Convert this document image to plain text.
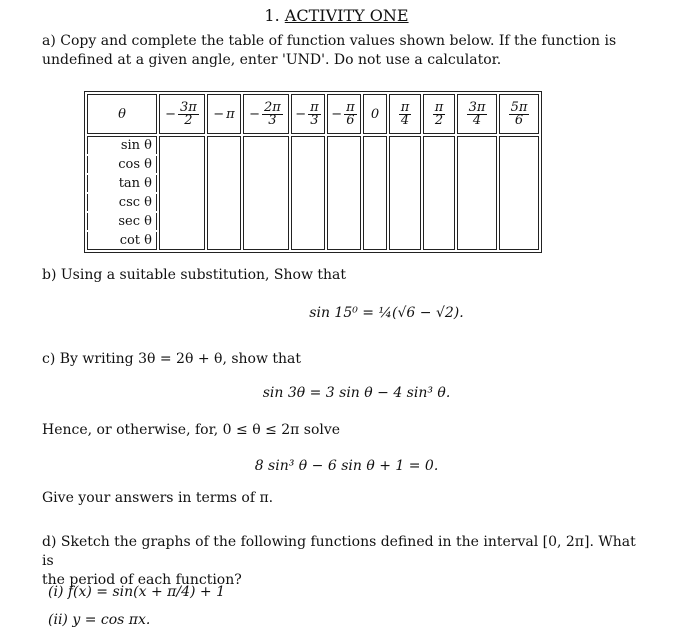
1. ACTIVITY ONE
a) Copy and complete the table of function values shown below. If the function is
undefined at a given angle, enter 'UND'. Do not use a calculator.
θ	− $\frac{3\pi}{2}$	− π	− $\frac{2\pi}{3}$	− $\frac{\pi}{3}$	− $\frac{\pi}{6}$	0	$\frac{\pi}{4}$	$\frac{\pi}{2}$	$\frac{3\pi}{4}$	$\frac{5\pi}{6}$

sin θ										
cos θ										
tan θ										
csc θ										
sec θ										
cot θ										
b) Using a suitable substitution, Show that
sin 15⁰ = ¼(√6 − √2).
c) By writing 3θ = 2θ + θ, show that
sin 3θ = 3 sin θ − 4 sin³ θ.
Hence, or otherwise, for, 0 ≤ θ ≤ 2π solve
8 sin³ θ − 6 sin θ + 1 = 0.
Give your answers in terms of π.
d) Sketch the graphs of the following functions defined in the interval [0, 2π]. What is
the period of each function?
(i) f(x) = sin(x + π/4) + 1
(ii) y = cos πx.
